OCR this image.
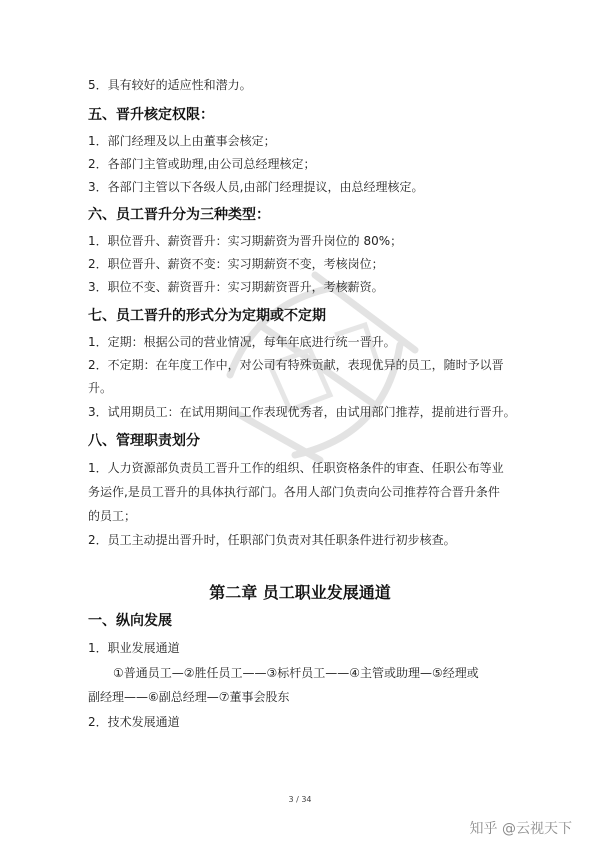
5．具有较好的适应性和潜力。
五、晋升核定权限：
1．部门经理及以上由董事会核定；
2．各部门主管或助理,由公司总经理核定；
3．各部门主管以下各级人员,由部门经理提议，由总经理核定。
六、员工晋升分为三种类型：
1．职位晋升、薪资晋升：实习期薪资为晋升岗位的 80%；
2．职位晋升、薪资不变：实习期薪资不变，考核岗位；
3．职位不变、薪资晋升：实习期薪资晋升，考核薪资。
七、员工晋升的形式分为定期或不定期
1．定期：根据公司的营业情况，每年年底进行统一晋升。
2．不定期：在年度工作中，对公司有特殊贡献，表现优异的员工，随时予以晋
升。
3．试用期员工：在试用期间工作表现优秀者，由试用部门推荐，提前进行晋升。
八、管理职责划分
1．人力资源部负责员工晋升工作的组织、任职资格条件的审查、任职公布等业
务运作,是员工晋升的具体执行部门。各用人部门负责向公司推荐符合晋升条件
的员工；
2．员工主动提出晋升时，任职部门负责对其任职条件进行初步核查。
第二章 员工职业发展通道
一、纵向发展
1．职业发展通道
①普通员工—②胜任员工——③标杆员工——④主管或助理—⑤经理或
副经理——⑥副总经理—⑦董事会股东
2．技术发展通道
3 / 34
知乎 @云视天下
